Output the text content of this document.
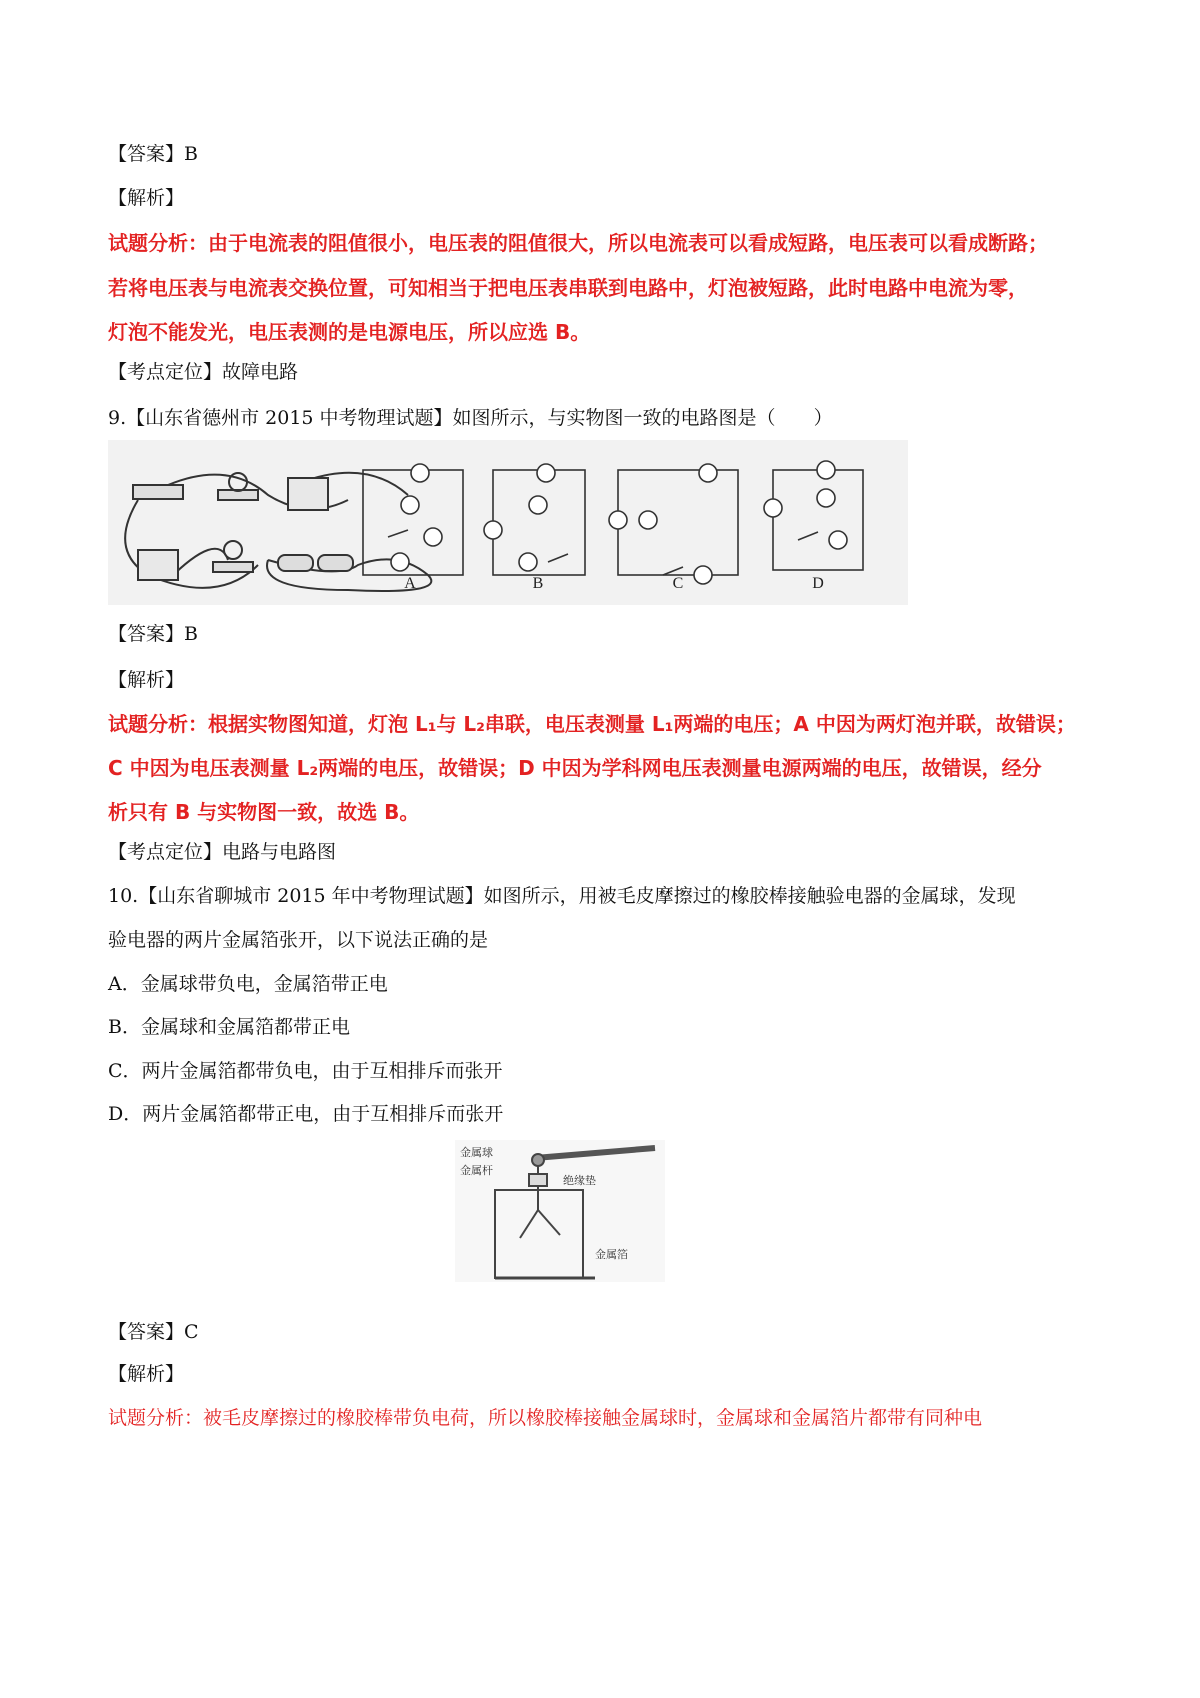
【答案】B
【解析】
试题分析：由于电流表的阻值很小，电压表的阻值很大，所以电流表可以看成短路，电压表可以看成断路；
若将电压表与电流表交换位置，可知相当于把电压表串联到电路中，灯泡被短路，此时电路中电流为零，
灯泡不能发光，电压表测的是电源电压，所以应选 B。
【考点定位】故障电路
9.【山东省德州市 2015 中考物理试题】如图所示，与实物图一致的电路图是（　　）
A	B	C	D
【答案】B
【解析】
试题分析：根据实物图知道，灯泡 L₁与 L₂串联，电压表测量 L₁两端的电压；A 中因为两灯泡并联，故错误；
C 中因为电压表测量 L₂两端的电压，故错误；D 中因为学科网电压表测量电源两端的电压，故错误，经分
析只有 B 与实物图一致，故选 B。
【考点定位】电路与电路图
10.【山东省聊城市 2015 年中考物理试题】如图所示，用被毛皮摩擦过的橡胶棒接触验电器的金属球，发现
验电器的两片金属箔张开，以下说法正确的是
A．金属球带负电，金属箔带正电
B．金属球和金属箔都带正电
C．两片金属箔都带负电，由于互相排斥而张开
D．两片金属箔都带正电，由于互相排斥而张开
金属球
金属杆
绝缘垫
金属箔
【答案】C
【解析】
试题分析：被毛皮摩擦过的橡胶棒带负电荷，所以橡胶棒接触金属球时，金属球和金属箔片都带有同种电
